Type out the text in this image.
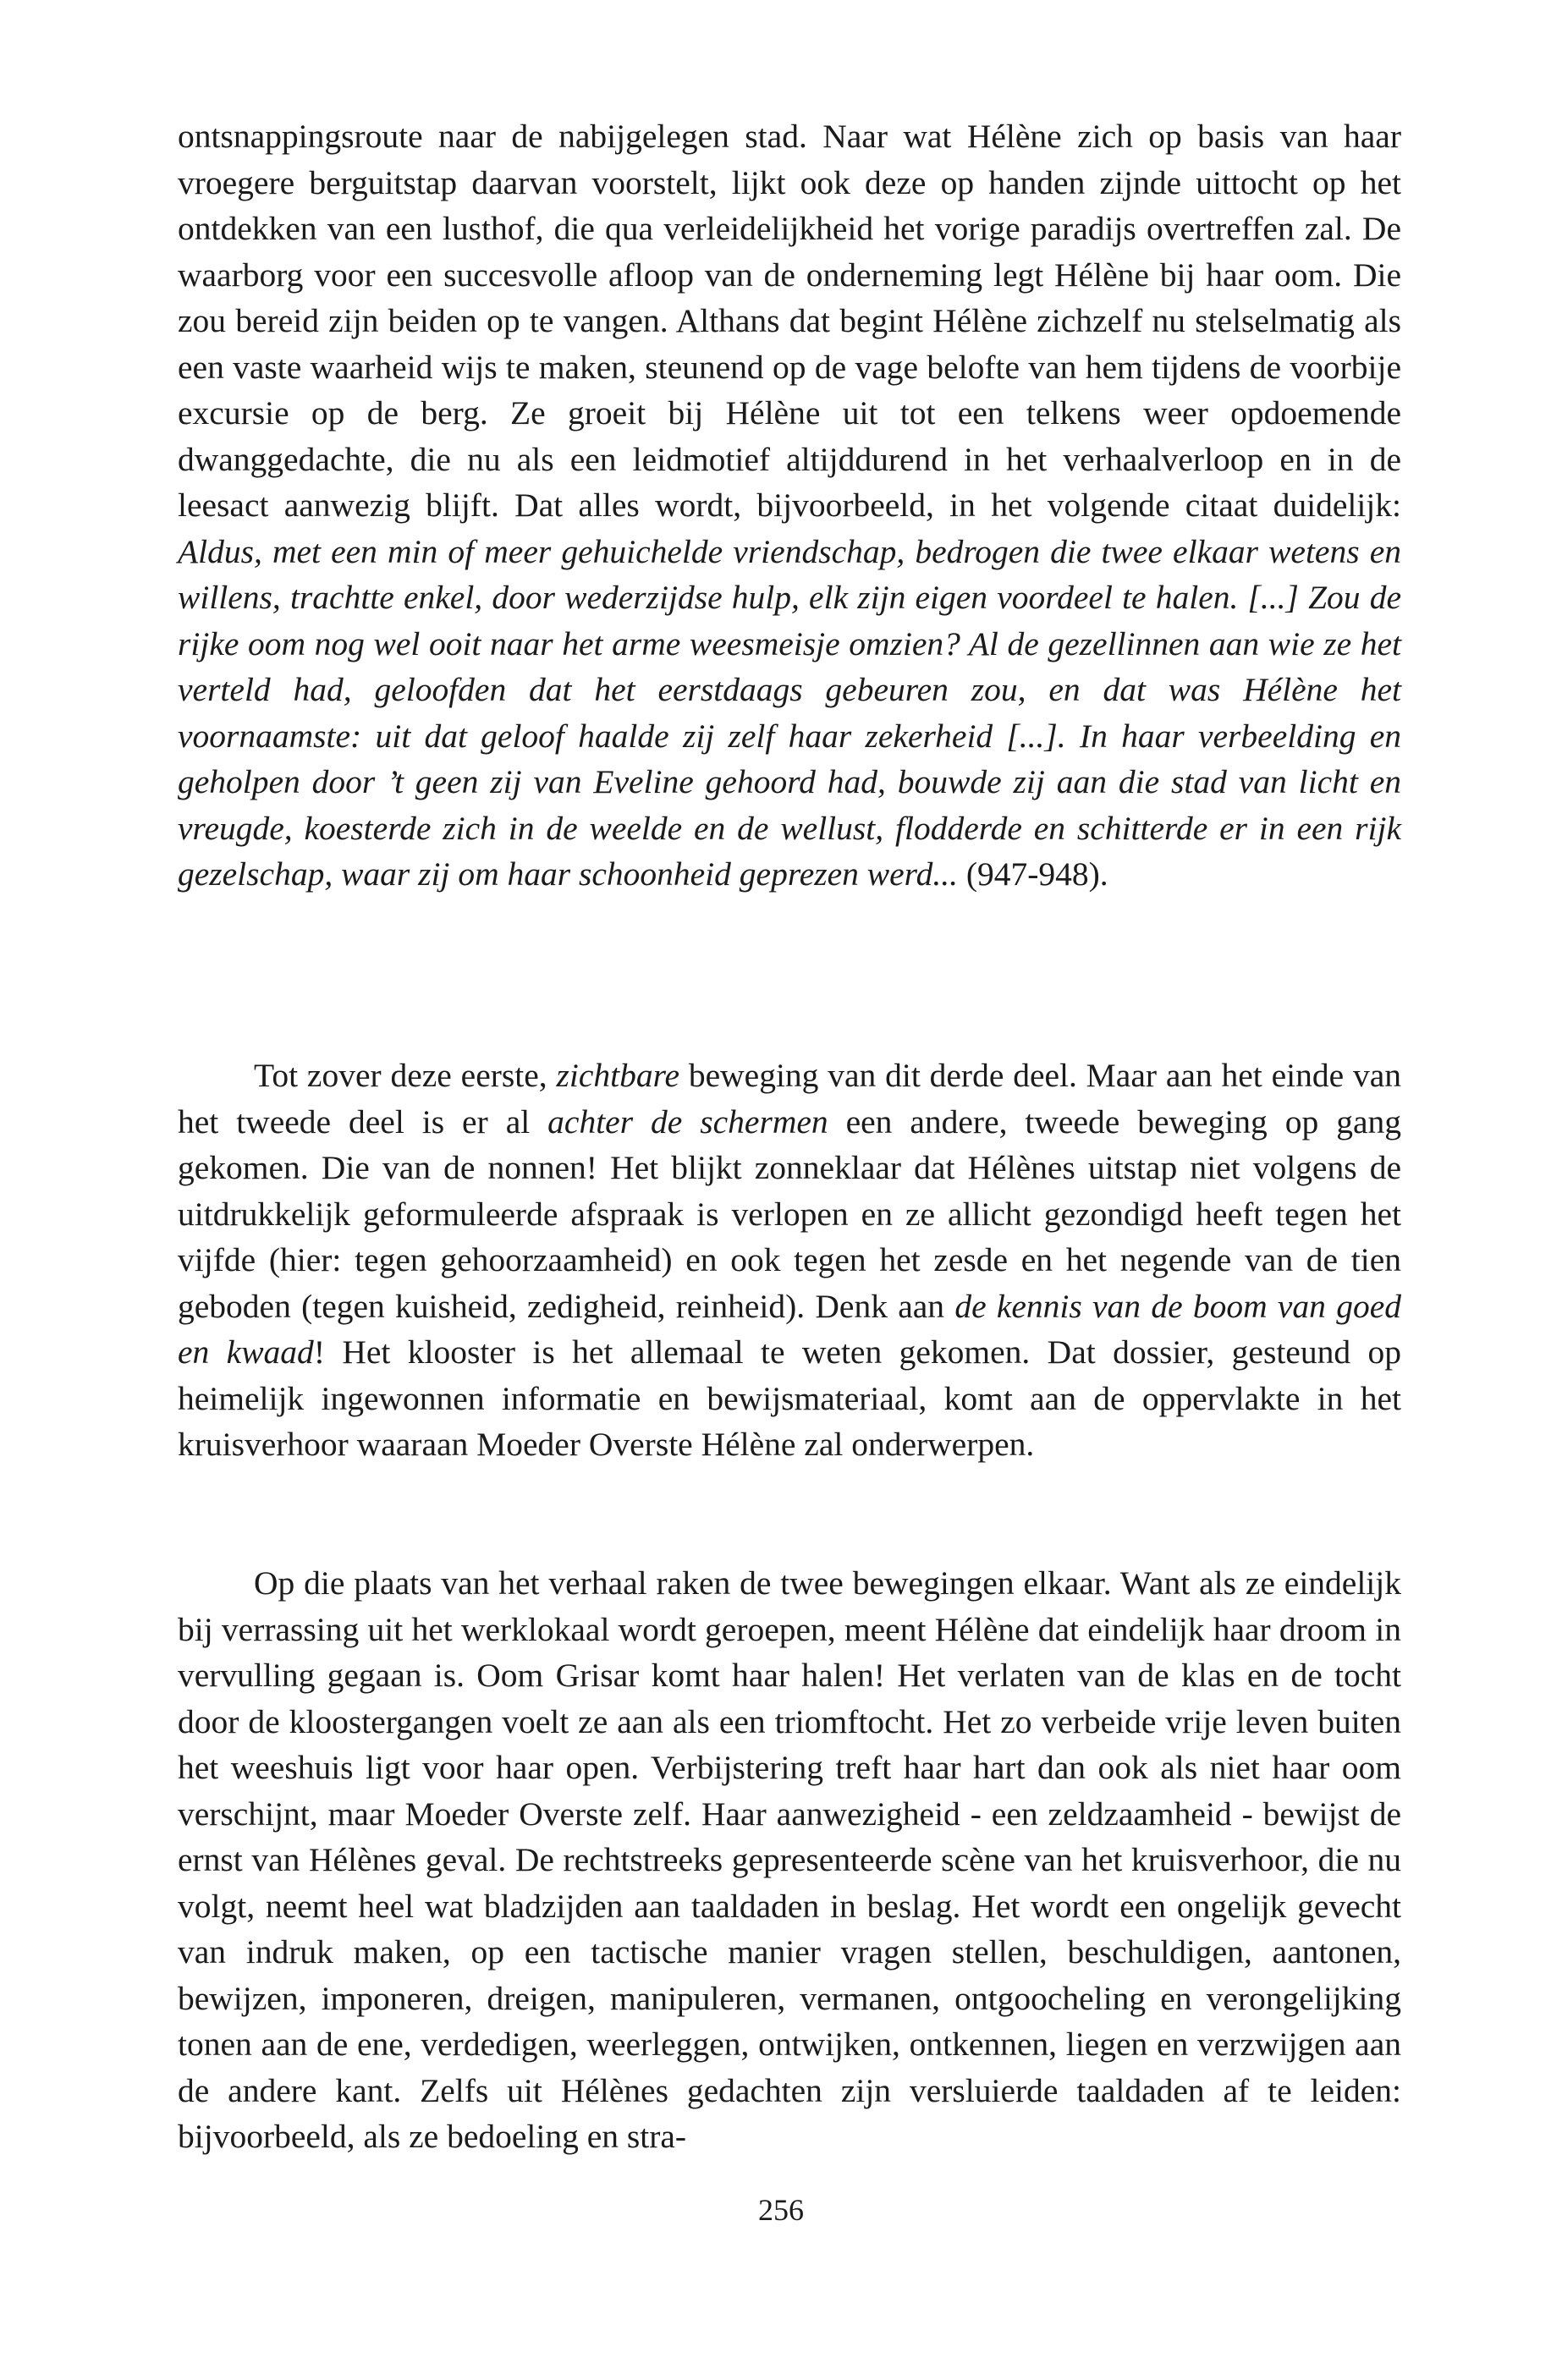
ontsnappingsroute naar de nabijgelegen stad. Naar wat Hélène zich op basis van haar vroegere berguitstap daarvan voorstelt, lijkt ook deze op handen zijnde uittocht op het ontdekken van een lusthof, die qua verleidelijkheid het vorige paradijs overtreffen zal. De waarborg voor een succesvolle afloop van de onderneming legt Hélène bij haar oom. Die zou bereid zijn beiden op te vangen. Althans dat begint Hélène zichzelf nu stelselmatig als een vaste waarheid wijs te maken, steunend op de vage belofte van hem tijdens de voorbije excursie op de berg. Ze groeit bij Hélène uit tot een telkens weer opdoemende dwanggedachte, die nu als een leidmotief altijddurend in het verhaalverloop en in de leesact aanwezig blijft. Dat alles wordt, bijvoorbeeld, in het volgende citaat duidelijk: Aldus, met een min of meer gehuichelde vriendschap, bedrogen die twee elkaar wetens en willens, trachtte enkel, door wederzijdse hulp, elk zijn eigen voordeel te halen. [...] Zou de rijke oom nog wel ooit naar het arme weesmeisje omzien? Al de gezellinnen aan wie ze het verteld had, geloofden dat het eerstdaags gebeuren zou, en dat was Hélène het voornaamste: uit dat geloof haalde zij zelf haar zekerheid [...]. In haar verbeelding en geholpen door ’t geen zij van Eveline gehoord had, bouwde zij aan die stad van licht en vreugde, koesterde zich in de weelde en de wellust, flodderde en schitterde er in een rijk gezelschap, waar zij om haar schoonheid geprezen werd... (947-948).

Tot zover deze eerste, zichtbare beweging van dit derde deel. Maar aan het einde van het tweede deel is er al achter de schermen een andere, tweede beweging op gang gekomen. Die van de nonnen! Het blijkt zonneklaar dat Hélènes uitstap niet volgens de uitdrukkelijk geformuleerde afspraak is verlopen en ze allicht gezondigd heeft tegen het vijfde (hier: tegen gehoorzaamheid) en ook tegen het zesde en het negende van de tien geboden (tegen kuisheid, zedigheid, reinheid). Denk aan de kennis van de boom van goed en kwaad! Het klooster is het allemaal te weten gekomen. Dat dossier, gesteund op heimelijk ingewonnen informatie en bewijsmateriaal, komt aan de oppervlakte in het kruisverhoor waaraan Moeder Overste Hélène zal onderwerpen.

Op die plaats van het verhaal raken de twee bewegingen elkaar. Want als ze eindelijk bij verrassing uit het werklokaal wordt geroepen, meent Hélène dat eindelijk haar droom in vervulling gegaan is. Oom Grisar komt haar halen! Het verlaten van de klas en de tocht door de kloostergangen voelt ze aan als een triomftocht. Het zo verbeide vrije leven buiten het weeshuis ligt voor haar open. Verbijstering treft haar hart dan ook als niet haar oom verschijnt, maar Moeder Overste zelf. Haar aanwezigheid - een zeldzaamheid - bewijst de ernst van Hélènes geval. De rechtstreeks gepresenteerde scène van het kruisverhoor, die nu volgt, neemt heel wat bladzijden aan taaldaden in beslag. Het wordt een ongelijk gevecht van indruk maken, op een tactische manier vragen stellen, beschuldigen, aantonen, bewijzen, imponeren, dreigen, manipuleren, vermanen, ontgoocheling en verongelijking tonen aan de ene, verdedigen, weerleggen, ontwijken, ontkennen, liegen en verzwijgen aan de andere kant. Zelfs uit Hélènes gedachten zijn versluierde taaldaden af te leiden: bijvoorbeeld, als ze bedoeling en stra-

256
